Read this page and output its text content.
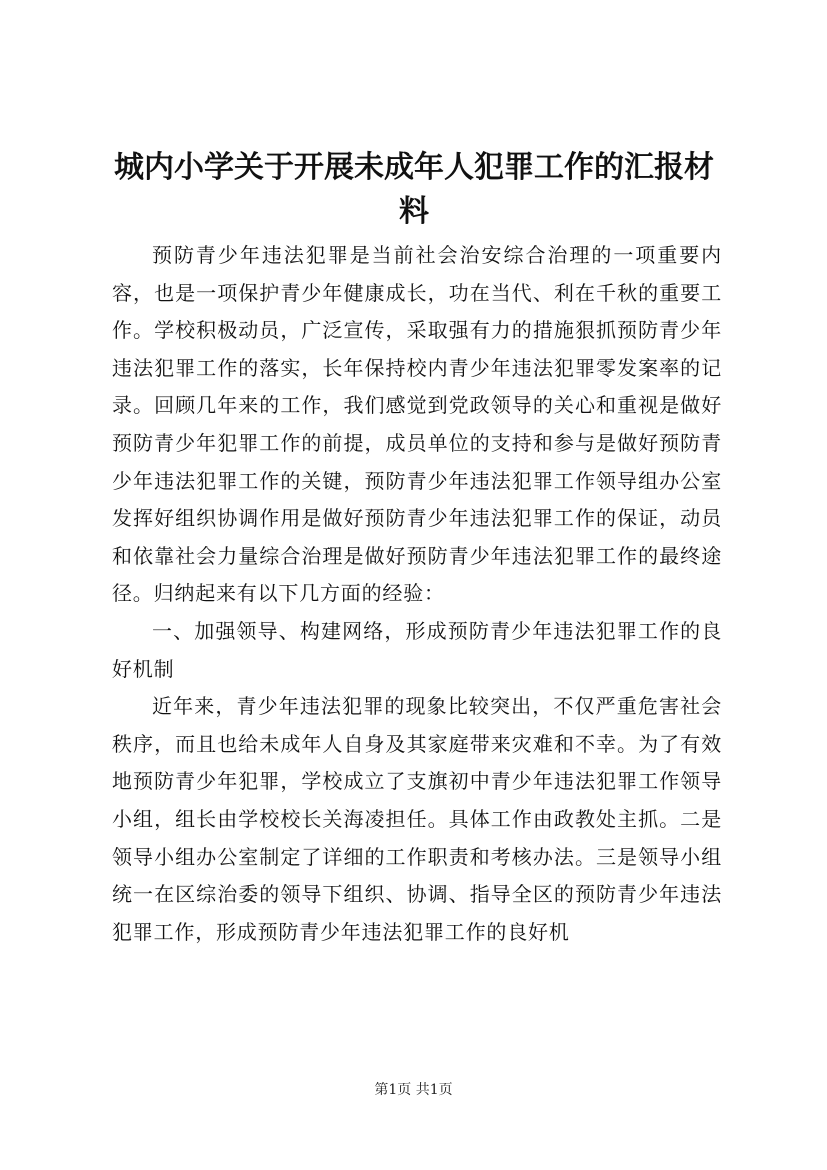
城内小学关于开展未成年人犯罪工作的汇报材料

预防青少年违法犯罪是当前社会治安综合治理的一项重要内容，也是一项保护青少年健康成长，功在当代、利在千秋的重要工作。学校积极动员，广泛宣传，采取强有力的措施狠抓预防青少年违法犯罪工作的落实，长年保持校内青少年违法犯罪零发案率的记录。回顾几年来的工作，我们感觉到党政领导的关心和重视是做好预防青少年犯罪工作的前提，成员单位的支持和参与是做好预防青少年违法犯罪工作的关键，预防青少年违法犯罪工作领导组办公室发挥好组织协调作用是做好预防青少年违法犯罪工作的保证，动员和依靠社会力量综合治理是做好预防青少年违法犯罪工作的最终途径。归纳起来有以下几方面的经验：

一、加强领导、构建网络，形成预防青少年违法犯罪工作的良好机制

近年来，青少年违法犯罪的现象比较突出，不仅严重危害社会秩序，而且也给未成年人自身及其家庭带来灾难和不幸。为了有效地预防青少年犯罪，学校成立了支旗初中青少年违法犯罪工作领导小组，组长由学校校长关海凌担任。具体工作由政教处主抓。二是领导小组办公室制定了详细的工作职责和考核办法。三是领导小组统一在区综治委的领导下组织、协调、指导全区的预防青少年违法犯罪工作，形成预防青少年违法犯罪工作的良好机

第1页 共1页
